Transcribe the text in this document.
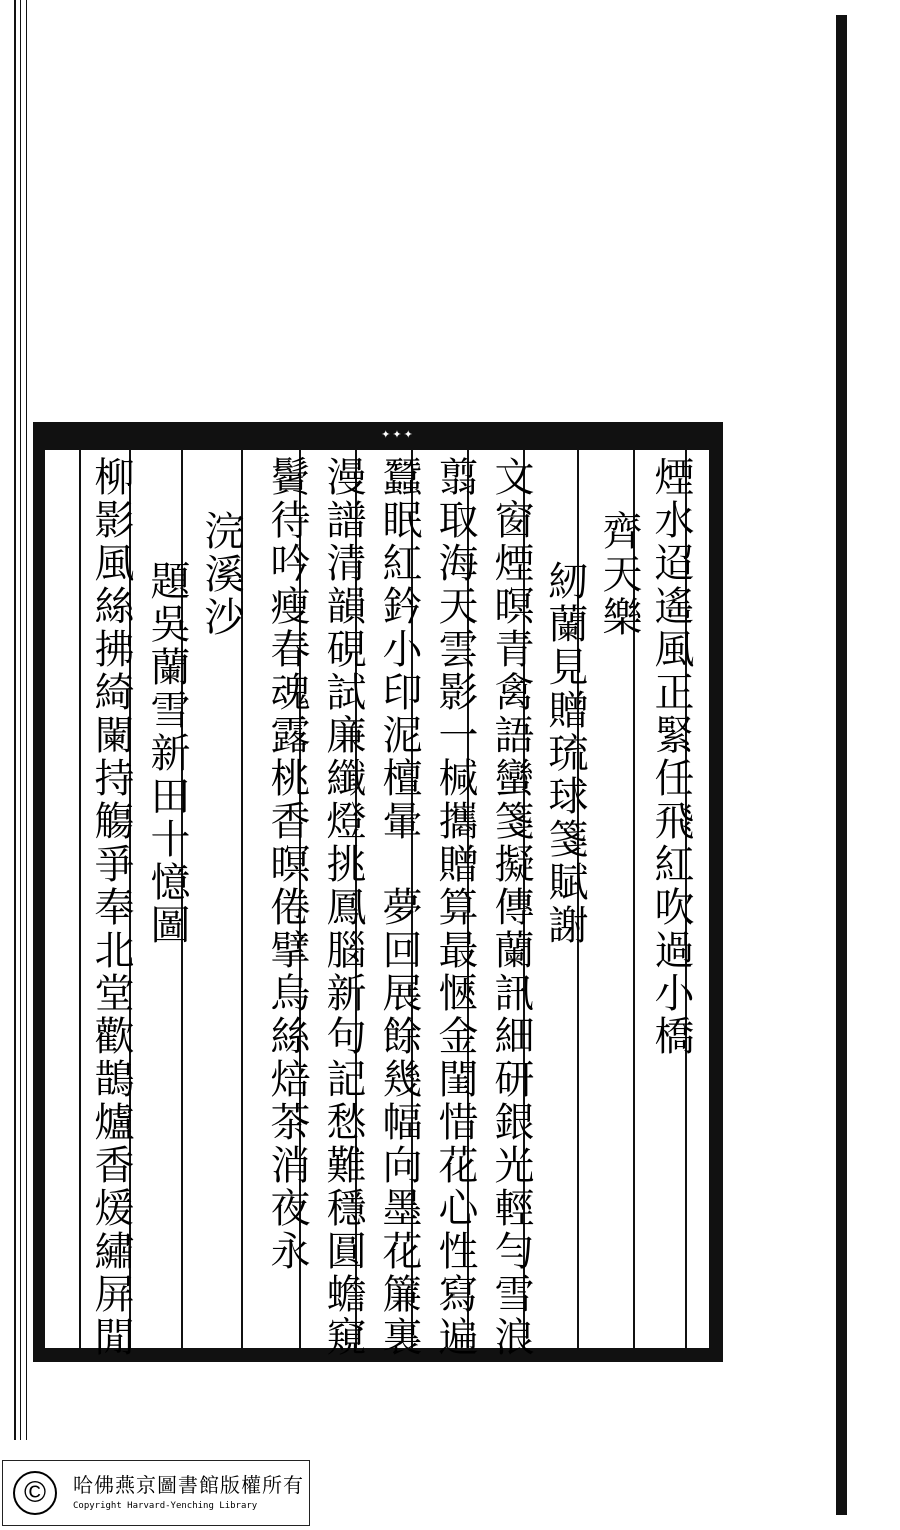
✦✦✦
煙水迢遙風正緊任飛紅吹過小橋
齊天樂
紉蘭見贈琉球箋賦謝
文窗煙暝青禽語蠻箋擬傳蘭訊細研銀光輕勻雪浪
翦取海天雲影一椷攜贈算最愜金閨惜花心性寫遍
蠶眠紅鈐小印泥檀暈　夢回展餘幾幅向墨花簾裏
漫譜清韻硯試廉纖燈挑鳳腦新句記愁難穩圓蟾窺
鬢待吟瘦春魂露桃香暝倦擘烏絲焙茶消夜永
浣溪沙
題吳蘭雪新田十憶圖
柳影風絲拂綺闌持觴爭奉北堂歡鵲爐香煖繡屏閒
©	哈佛燕京圖書館版權所有
Copyright Harvard-Yenching Library
